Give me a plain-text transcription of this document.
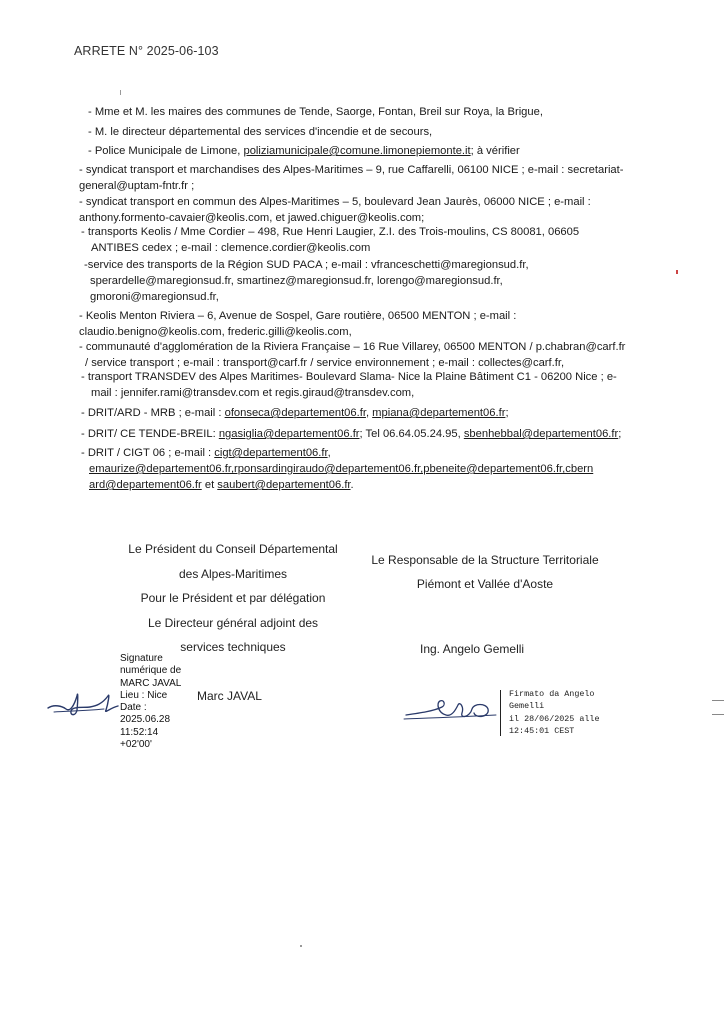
ARRETE N° 2025-06-103
- Mme et M. les maires des communes de Tende, Saorge, Fontan, Breil sur Roya, la Brigue,
- M. le directeur départemental des services d'incendie et de secours,
- Police Municipale de Limone, poliziamunicipale@comune.limonepiemonte.it; à vérifier
- syndicat transport et marchandises des Alpes-Maritimes – 9, rue Caffarelli, 06100 NICE ; e-mail : secretariat-
general@uptam-fntr.fr ;
- syndicat transport en commun des Alpes-Maritimes – 5, boulevard Jean Jaurès, 06000 NICE ; e-mail :
anthony.formento-cavaier@keolis.com, et jawed.chiguer@keolis.com;
- transports Keolis / Mme Cordier – 498, Rue Henri Laugier, Z.I. des Trois-moulins, CS 80081, 06605
ANTIBES cedex ; e-mail : clemence.cordier@keolis.com
-service des transports de la Région SUD PACA ; e-mail : vfranceschetti@maregionsud.fr,
sperardelle@maregionsud.fr, smartinez@maregionsud.fr, lorengo@maregionsud.fr,
gmoroni@maregionsud.fr,
- Keolis Menton Riviera – 6, Avenue de Sospel, Gare routière, 06500 MENTON ; e-mail :
claudio.benigno@keolis.com, frederic.gilli@keolis.com,
- communauté d'agglomération de la Riviera Française – 16 Rue Villarey, 06500 MENTON / p.chabran@carf.fr
/ service transport ; e-mail : transport@carf.fr / service environnement ; e-mail : collectes@carf.fr,
- transport TRANSDEV des Alpes Maritimes- Boulevard Slama- Nice la Plaine Bâtiment C1 - 06200 Nice ; e-
mail : jennifer.rami@transdev.com et regis.giraud@transdev.com,
- DRIT/ARD - MRB ; e-mail : ofonseca@departement06.fr, mpiana@departement06.fr;
- DRIT/ CE TENDE-BREIL: ngasiglia@departement06.fr; Tel 06.64.05.24.95, sbenhebbal@departement06.fr;
- DRIT / CIGT 06 ; e-mail : cigt@departement06.fr,
emaurize@departement06.fr,rponsardingiraudo@departement06.fr,pbeneite@departement06.fr,cbern
ard@departement06.fr et saubert@departement06.fr.
Le Président du Conseil Départemental
des Alpes-Maritimes
Pour le Président et par délégation
Le Directeur général adjoint des
services techniques
Signature
numérique de
MARC JAVAL
Lieu : Nice
Date :
2025.06.28
11:52:14
+02'00'
Marc JAVAL
Le Responsable de la Structure Territoriale
Piémont et Vallée d'Aoste
Ing. Angelo Gemelli
Firmato da Angelo
Gemelli
il 28/06/2025 alle
12:45:01 CEST
